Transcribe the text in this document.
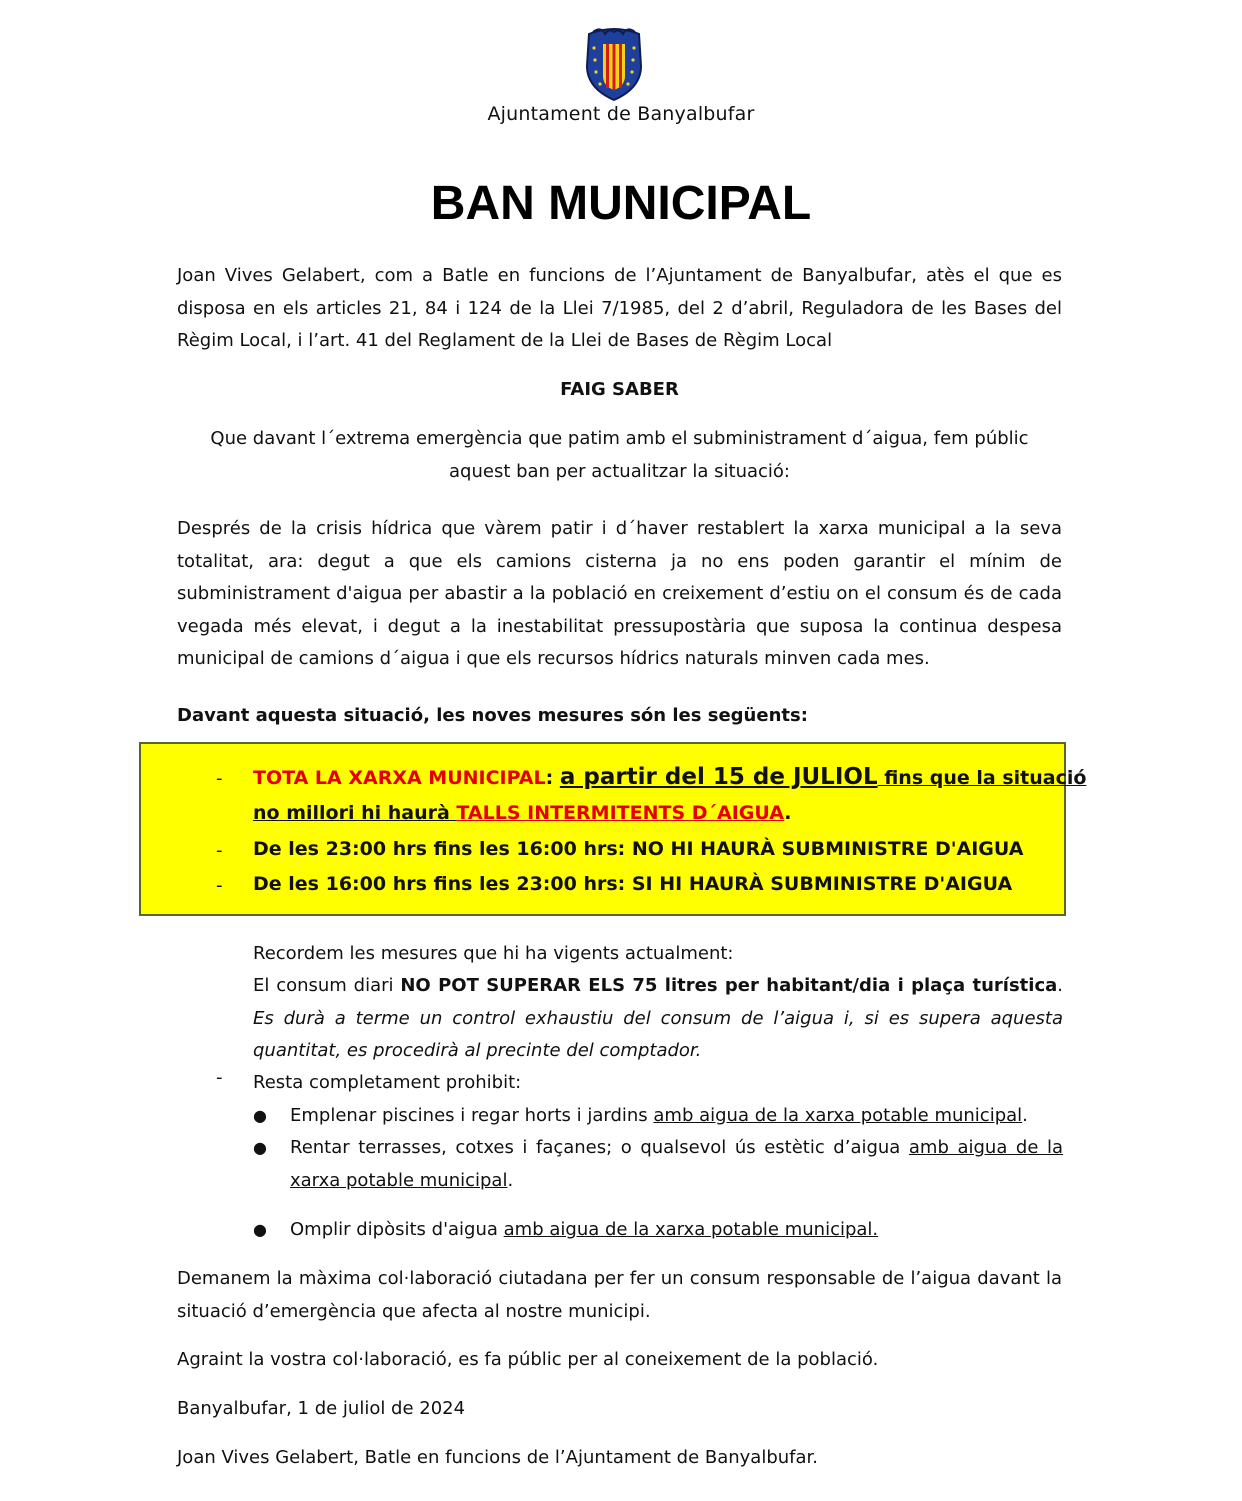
Ajuntament de Banyalbufar
BAN MUNICIPAL
Joan Vives Gelabert, com a Batle en funcions de l’Ajuntament de Banyalbufar, atès el que es disposa en els articles 21, 84 i 124 de la Llei 7/1985, del 2 d’abril, Reguladora de les Bases del Règim Local, i l’art. 41 del Reglament de la Llei de Bases de Règim Local
FAIG SABER
Que davant l´extrema emergència que patim amb el subministrament d´aigua, fem públic
aquest ban per actualitzar la situació:
Després de la crisis hídrica que vàrem patir i d´haver restablert la xarxa municipal a la seva totalitat, ara: degut a que els camions cisterna ja no ens poden garantir el mínim de subministrament d'aigua per abastir a la població en creixement d’estiu on el consum és de cada vegada més elevat, i degut a la inestabilitat pressupostària que suposa la continua despesa municipal de camions d´aigua i que els recursos hídrics naturals minven cada mes.
Davant aquesta situació, les noves mesures són les següents:
- TOTA LA XARXA MUNICIPAL: a partir del 15 de JULIOL fins que la situació
no millori hi haurà TALLS INTERMITENTS D´AIGUA.
- De les 23:00 hrs fins les 16:00 hrs: NO HI HAURÀ SUBMINISTRE D'AIGUA
- De les 16:00 hrs fins les 23:00 hrs: SI HI HAURÀ SUBMINISTRE D'AIGUA
Recordem les mesures que hi ha vigents actualment:
El consum diari NO POT SUPERAR ELS 75 litres per habitant/dia i plaça turística. Es durà a terme un control exhaustiu del consum de l’aigua i, si es supera aquesta quantitat, es procedirà al precinte del comptador.
- Resta completament prohibit:
● Emplenar piscines i regar horts i jardins amb aigua de la xarxa potable municipal.
● Rentar terrasses, cotxes i façanes; o qualsevol ús estètic d’aigua amb aigua de la xarxa potable municipal.
● Omplir dipòsits d'aigua amb aigua de la xarxa potable municipal.
Demanem la màxima col·laboració ciutadana per fer un consum responsable de l’aigua davant la situació d’emergència que afecta al nostre municipi.
Agraint la vostra col·laboració, es fa públic per al coneixement de la població.
Banyalbufar, 1 de juliol de 2024
Joan Vives Gelabert, Batle en funcions de l’Ajuntament de Banyalbufar.
